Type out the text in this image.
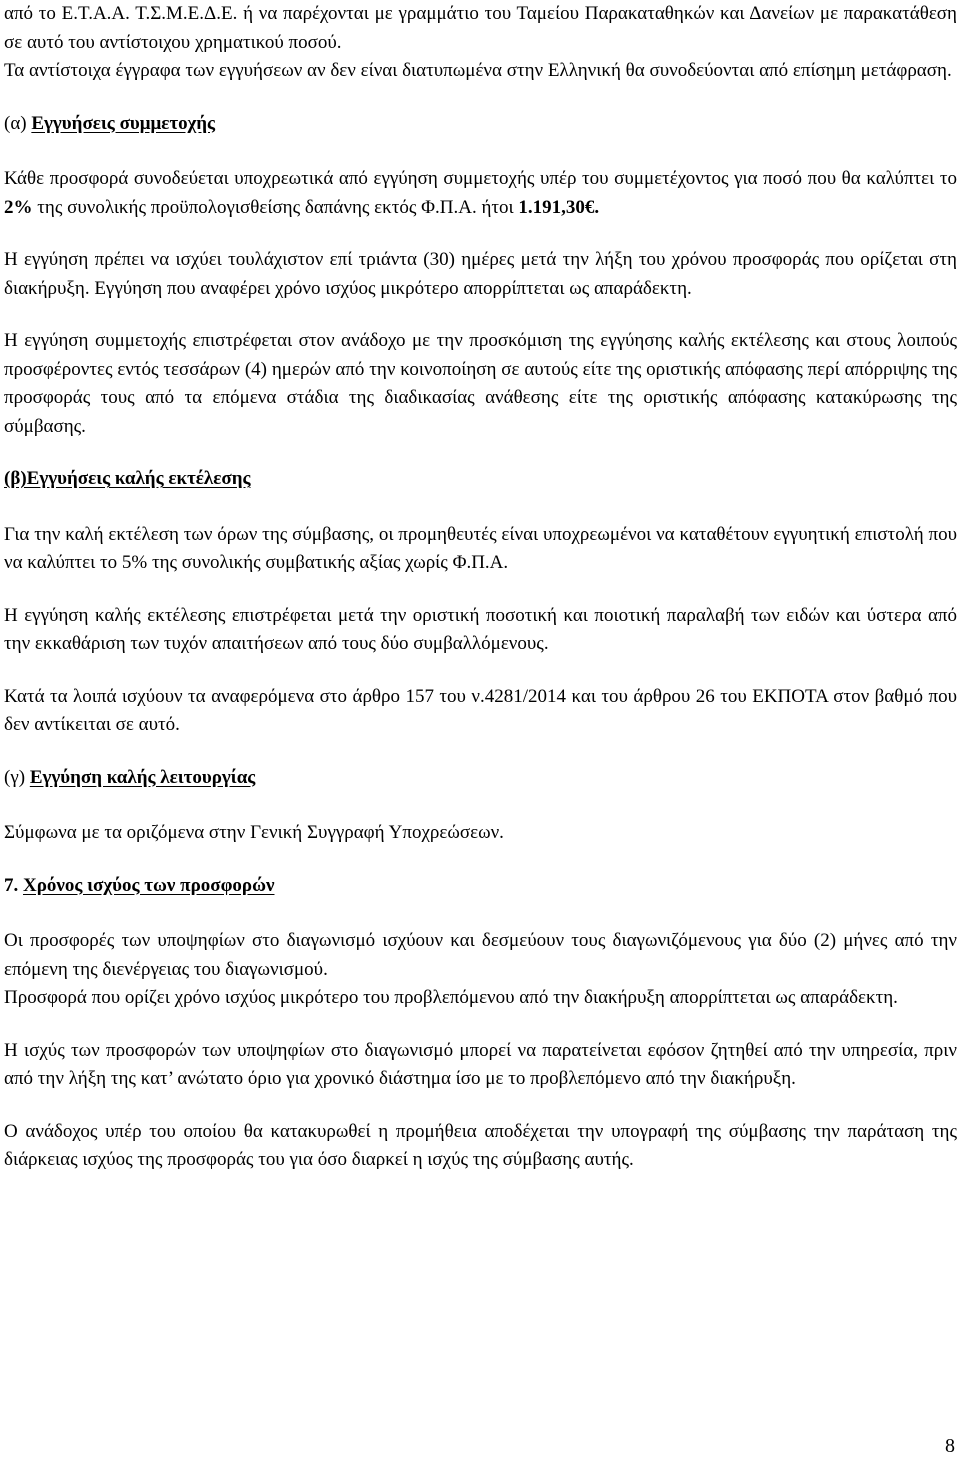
από το Ε.Τ.Α.Α. Τ.Σ.Μ.Ε.Δ.Ε. ή να παρέχονται με γραμμάτιο του Ταμείου Παρακαταθηκών και Δανείων με παρακατάθεση σε αυτό του αντίστοιχου χρηματικού ποσού.

Τα αντίστοιχα έγγραφα των εγγυήσεων αν δεν είναι διατυπωμένα στην Ελληνική θα συνοδεύονται από επίσημη μετάφραση.

(α) Εγγυήσεις συμμετοχής

Κάθε προσφορά συνοδεύεται υποχρεωτικά από εγγύηση συμμετοχής υπέρ του συμμετέχοντος για ποσό που θα καλύπτει το 2% της συνολικής προϋπολογισθείσης δαπάνης εκτός Φ.Π.Α. ήτοι 1.191,30€.

Η εγγύηση πρέπει να ισχύει τουλάχιστον επί τριάντα (30) ημέρες μετά την λήξη του χρόνου προσφοράς που ορίζεται στη διακήρυξη. Εγγύηση που αναφέρει χρόνο ισχύος μικρότερο απορρίπτεται ως απαράδεκτη.

Η εγγύηση συμμετοχής επιστρέφεται στον ανάδοχο με την προσκόμιση της εγγύησης καλής εκτέλεσης και στους λοιπούς προσφέροντες εντός τεσσάρων (4) ημερών από την κοινοποίηση σε αυτούς είτε της οριστικής απόφασης περί απόρριψης της προσφοράς τους από τα επόμενα στάδια της διαδικασίας ανάθεσης είτε της οριστικής απόφασης κατακύρωσης της σύμβασης.

(β)Εγγυήσεις καλής εκτέλεσης

Για την καλή εκτέλεση των όρων της σύμβασης, οι προμηθευτές είναι υποχρεωμένοι να καταθέτουν εγγυητική επιστολή που να καλύπτει το 5% της συνολικής συμβατικής αξίας χωρίς Φ.Π.Α.

Η εγγύηση καλής εκτέλεσης επιστρέφεται μετά την οριστική ποσοτική και ποιοτική παραλαβή των ειδών και ύστερα από την εκκαθάριση των τυχόν απαιτήσεων από τους δύο συμβαλλόμενους.

Κατά τα λοιπά ισχύουν τα αναφερόμενα στο άρθρο 157 του ν.4281/2014 και του άρθρου 26 του ΕΚΠΟΤΑ στον βαθμό που δεν αντίκειται σε αυτό.

(γ) Εγγύηση καλής λειτουργίας

Σύμφωνα με τα οριζόμενα στην Γενική Συγγραφή Υποχρεώσεων.

7. Χρόνος ισχύος των προσφορών

Οι προσφορές των υποψηφίων στο διαγωνισμό ισχύουν και δεσμεύουν τους διαγωνιζόμενους για δύο (2) μήνες από την επόμενη της διενέργειας του διαγωνισμού.

Προσφορά που ορίζει χρόνο ισχύος μικρότερο του προβλεπόμενου από την διακήρυξη απορρίπτεται ως απαράδεκτη.

Η ισχύς των προσφορών των υποψηφίων στο διαγωνισμό μπορεί να παρατείνεται εφόσον ζητηθεί από την υπηρεσία, πριν από την λήξη της κατ’ ανώτατο όριο για χρονικό διάστημα ίσο με το προβλεπόμενο από την διακήρυξη.

Ο ανάδοχος υπέρ του οποίου θα κατακυρωθεί η προμήθεια αποδέχεται την υπογραφή της σύμβασης την παράταση της διάρκειας ισχύος της προσφοράς του για όσο διαρκεί η ισχύς της σύμβασης αυτής.

8
